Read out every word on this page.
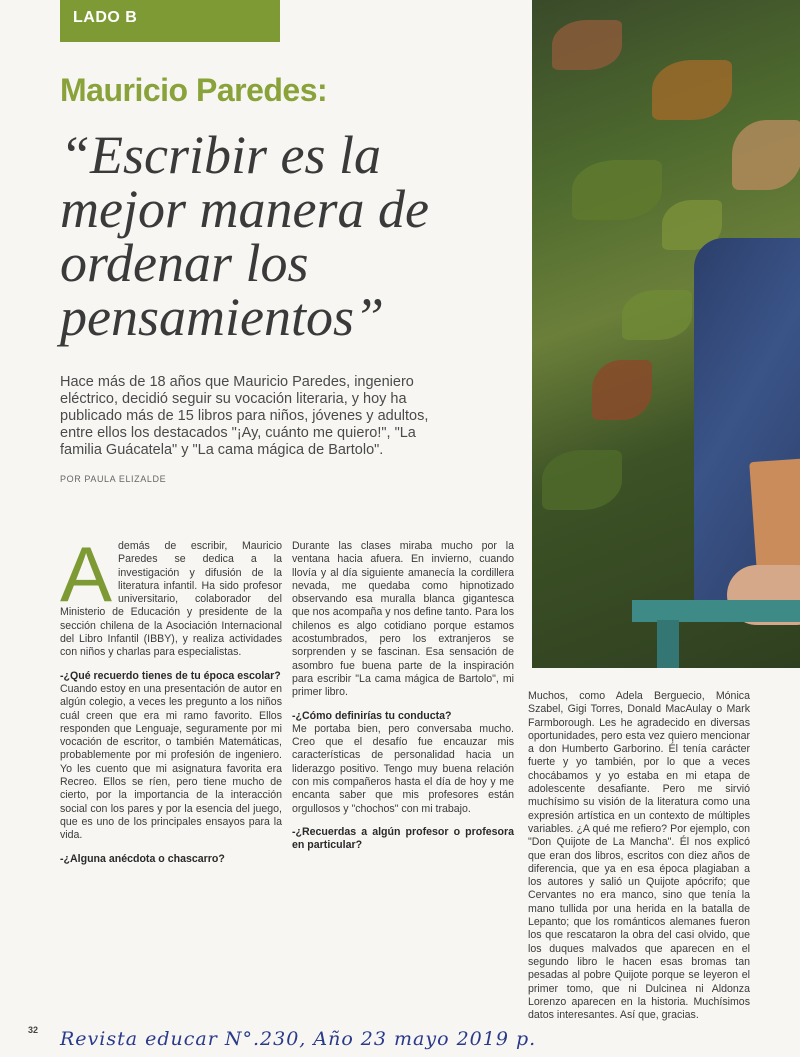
LADO B
Mauricio Paredes:
“Escribir es la mejor manera de ordenar los pensamientos”
Hace más de 18 años que Mauricio Paredes, ingeniero eléctrico, decidió seguir su vocación literaria, y hoy ha publicado más de 15 libros para niños, jóvenes y adultos, entre ellos los destacados "¡Ay, cuánto me quiero!", "La familia Guácatela" y "La cama mágica de Bartolo".
POR PAULA ELIZALDE

Además de escribir, Mauricio Paredes se dedica a la investigación y difusión de la literatura infantil. Ha sido profesor universitario, colaborador del Ministerio de Educación y presidente de la sección chilena de la Asociación Internacional del Libro Infantil (IBBY), y realiza actividades con niños y charlas para especialistas.

-¿Qué recuerdo tienes de tu época escolar?

Cuando estoy en una presentación de autor en algún colegio, a veces les pregunto a los niños cuál creen que era mi ramo favorito. Ellos responden que Lenguaje, seguramente por mi vocación de escritor, o también Matemáticas, probablemente por mi profesión de ingeniero. Yo les cuento que mi asignatura favorita era Recreo. Ellos se ríen, pero tiene mucho de cierto, por la importancia de la interacción social con los pares y por la esencia del juego, que es uno de los principales ensayos para la vida.

-¿Alguna anécdota o chascarro?

Durante las clases miraba mucho por la ventana hacia afuera. En invierno, cuando llovía y al día siguiente amanecía la cordillera nevada, me quedaba como hipnotizado observando esa muralla blanca gigantesca que nos acompaña y nos define tanto. Para los chilenos es algo cotidiano porque estamos acostumbrados, pero los extranjeros se sorprenden y se fascinan. Esa sensación de asombro fue buena parte de la inspiración para escribir "La cama mágica de Bartolo", mi primer libro.

-¿Cómo definirías tu conducta?

Me portaba bien, pero conversaba mucho. Creo que el desafío fue encauzar mis características de personalidad hacia un liderazgo positivo. Tengo muy buena relación con mis compañeros hasta el día de hoy y me encanta saber que mis profesores están orgullosos y "chochos" con mi trabajo.

-¿Recuerdas a algún profesor o profesora en particular?

Muchos, como Adela Berguecio, Mónica Szabel, Gigi Torres, Donald MacAulay o Mark Farmborough. Les he agradecido en diversas oportunidades, pero esta vez quiero mencionar a don Humberto Garborino. Él tenía carácter fuerte y yo también, por lo que a veces chocábamos y yo estaba en mi etapa de adolescente desafiante. Pero me sirvió muchísimo su visión de la literatura como una expresión artística en un contexto de múltiples variables. ¿A qué me refiero? Por ejemplo, con "Don Quijote de La Mancha". Él nos explicó que eran dos libros, escritos con diez años de diferencia, que ya en esa época plagiaban a los autores y salió un Quijote apócrifo; que Cervantes no era manco, sino que tenía la mano tullida por una herida en la batalla de Lepanto; que los románticos alemanes fueron los que rescataron la obra del casi olvido, que los duques malvados que aparecen en el segundo libro le hacen esas bromas tan pesadas al pobre Quijote porque se leyeron el primer tomo, que ni Dulcinea ni Aldonza Lorenzo aparecen en la historia. Muchísimos datos interesantes. Así que, gracias.

32 Revista educar N°.230, Año 23 mayo 2019 p.
